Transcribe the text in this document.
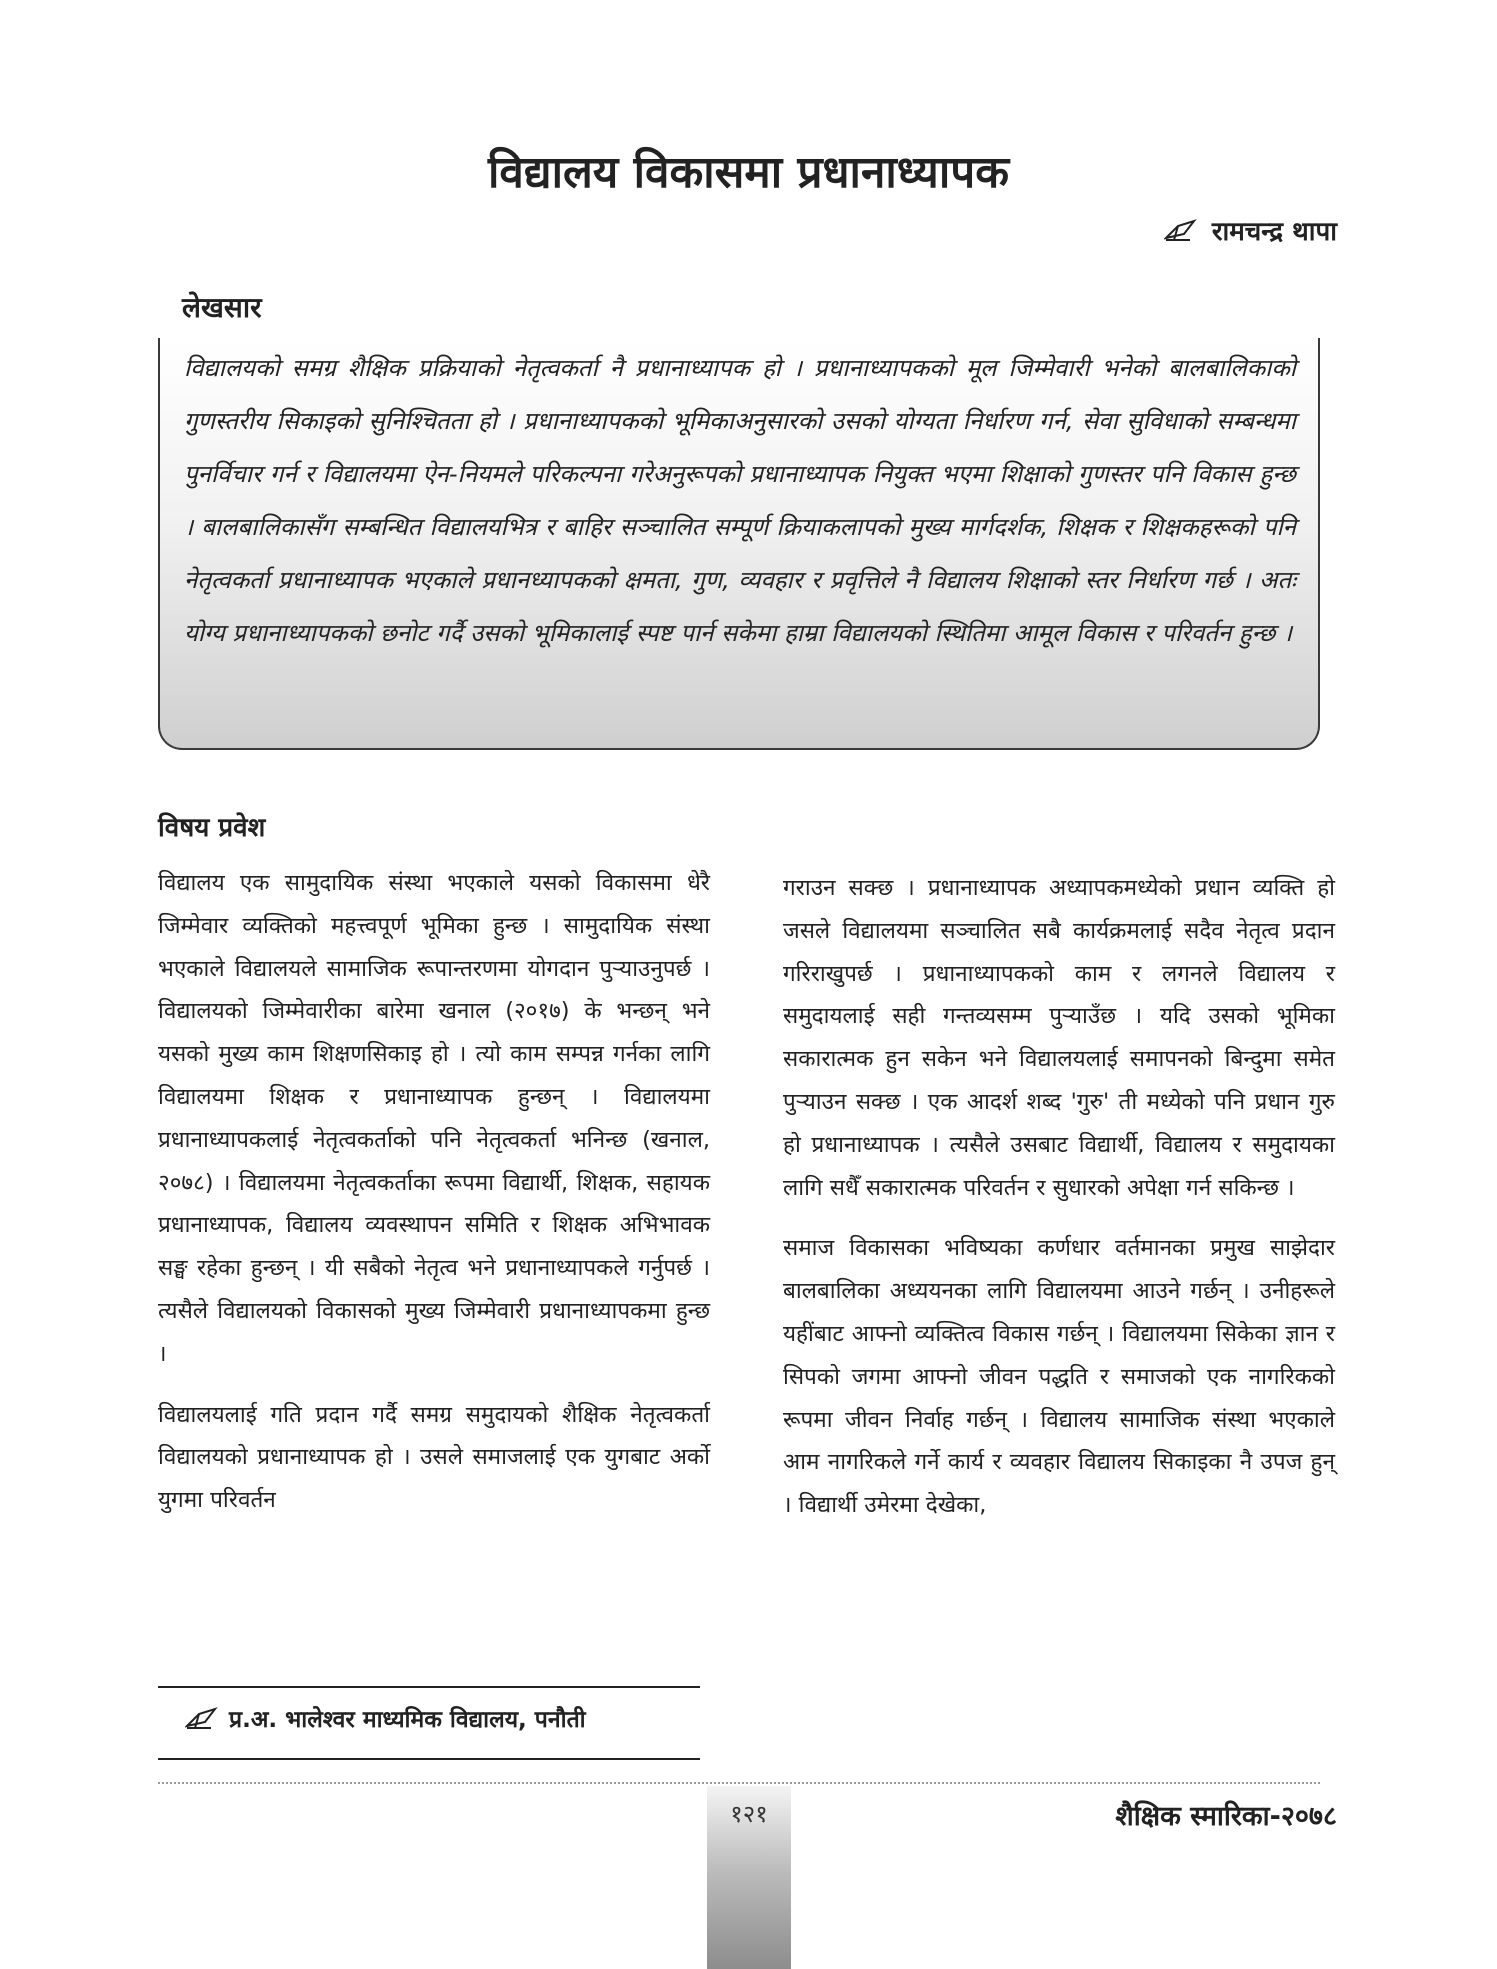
विद्यालय विकासमा प्रधानाध्यापक
रामचन्द्र थापा
लेखसार

विद्यालयको समग्र शैक्षिक प्रक्रियाको नेतृत्वकर्ता नै प्रधानाध्यापक हो । प्रधानाध्यापकको मूल जिम्मेवारी भनेको बालबालिकाको गुणस्तरीय सिकाइको सुनिश्चितता हो । प्रधानाध्यापकको भूमिकाअनुसारको उसको योग्यता निर्धारण गर्न, सेवा सुविधाको सम्बन्धमा पुनर्विचार गर्न र विद्यालयमा ऐन-नियमले परिकल्पना गरेअनुरूपको प्रधानाध्यापक नियुक्त भएमा शिक्षाको गुणस्तर पनि विकास हुन्छ । बालबालिकासँग सम्बन्धित विद्यालयभित्र र बाहिर सञ्चालित सम्पूर्ण क्रियाकलापको मुख्य मार्गदर्शक, शिक्षक र शिक्षकहरूको पनि नेतृत्वकर्ता प्रधानाध्यापक भएकाले प्रधानध्यापकको क्षमता, गुण, व्यवहार र प्रवृत्तिले नै विद्यालय शिक्षाको स्तर निर्धारण गर्छ । अतः योग्य प्रधानाध्यापकको छनोट गर्दै उसको भूमिकालाई स्पष्ट पार्न सकेमा हाम्रा विद्यालयको स्थितिमा आमूल विकास र परिवर्तन हुन्छ ।

विषय प्रवेश

विद्यालय एक सामुदायिक संस्था भएकाले यसको विकासमा धेरै जिम्मेवार व्यक्तिको महत्त्वपूर्ण भूमिका हुन्छ । सामुदायिक संस्था भएकाले विद्यालयले सामाजिक रूपान्तरणमा योगदान पुर्‍याउनुपर्छ । विद्यालयको जिम्मेवारीका बारेमा खनाल (२०१७) के भन्छन् भने यसको मुख्य काम शिक्षणसिकाइ हो । त्यो काम सम्पन्न गर्नका लागि विद्यालयमा शिक्षक र प्रधानाध्यापक हुन्छन् । विद्यालयमा प्रधानाध्यापकलाई नेतृत्वकर्ताको पनि नेतृत्वकर्ता भनिन्छ (खनाल, २०७८) । विद्यालयमा नेतृत्वकर्ताका रूपमा विद्यार्थी, शिक्षक, सहायक प्रधानाध्यापक, विद्यालय व्यवस्थापन समिति र शिक्षक अभिभावक सङ्घ रहेका हुन्छन् । यी सबैको नेतृत्व भने प्रधानाध्यापकले गर्नुपर्छ । त्यसैले विद्यालयको विकासको मुख्य जिम्मेवारी प्रधानाध्यापकमा हुन्छ ।

विद्यालयलाई गति प्रदान गर्दै समग्र समुदायको शैक्षिक नेतृत्वकर्ता विद्यालयको प्रधानाध्यापक हो । उसले समाजलाई एक युगबाट अर्को युगमा परिवर्तन

गराउन सक्छ । प्रधानाध्यापक अध्यापकमध्येको प्रधान व्यक्ति हो जसले विद्यालयमा सञ्चालित सबै कार्यक्रमलाई सदैव नेतृत्व प्रदान गरिराखुपर्छ । प्रधानाध्यापकको काम र लगनले विद्यालय र समुदायलाई सही गन्तव्यसम्म पुर्‍याउँछ । यदि उसको भूमिका सकारात्मक हुन सकेन भने विद्यालयलाई समापनको बिन्दुमा समेत पुर्‍याउन सक्छ । एक आदर्श शब्द 'गुरु' ती मध्येको पनि प्रधान गुरु हो प्रधानाध्यापक । त्यसैले उसबाट विद्यार्थी, विद्यालय र समुदायका लागि सधैँ सकारात्मक परिवर्तन र सुधारको अपेक्षा गर्न सकिन्छ ।

समाज विकासका भविष्यका कर्णधार वर्तमानका प्रमुख साझेदार बालबालिका अध्ययनका लागि विद्यालयमा आउने गर्छन् । उनीहरूले यहींबाट आफ्नो व्यक्तित्व विकास गर्छन् । विद्यालयमा सिकेका ज्ञान र सिपको जगमा आफ्नो जीवन पद्धति र समाजको एक नागरिकको रूपमा जीवन निर्वाह गर्छन् । विद्यालय सामाजिक संस्था भएकाले आम नागरिकले गर्ने कार्य र व्यवहार विद्यालय सिकाइका नै उपज हुन् । विद्यार्थी उमेरमा देखेका,

प्र.अ. भालेश्वर माध्यमिक विद्यालय, पनौती
१२१	शैक्षिक स्मारिका-२०७८
